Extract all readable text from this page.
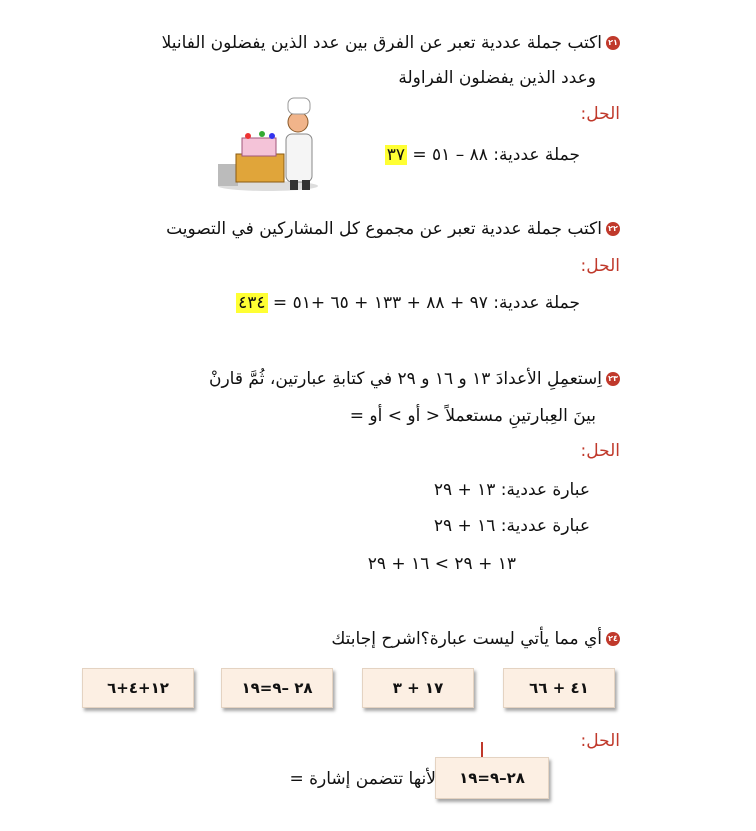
٢١اكتب جملة عددية تعبر عن الفرق بين عدد الذين يفضلون الفانيلا
وعدد الذين يفضلون الفراولة
الحل:
جملة عددية: ٨٨ – ٥١ = ٣٧
٢٢اكتب جملة عددية تعبر عن مجموع كل المشاركين في التصويت
الحل:
جملة عددية: ٩٧ + ٨٨ + ١٣٣ + ٦٥ +٥١ = ٤٣٤
٢٣اِستعمِلِ الأعدادَ ١٣ و ١٦ و ٢٩ في كتابةِ عبارتين، ثُمَّ قارنْ
بينَ العِبارتينِ مستعملاً < أو > أو =
الحل:
عبارة عددية: ١٣ + ٢٩
عبارة عددية: ١٦ + ٢٩
١٣ + ٢٩ > ١٦ + ٢٩
٢٤أي مما يأتي ليست عبارة؟اشرح إجابتك
٤١ + ٦٦
١٧ + ٣
٢٨ –٩=١٩
١٢+٤+٦
الحل:
٢٨–٩=١٩
لأنها تتضمن إشارة =
